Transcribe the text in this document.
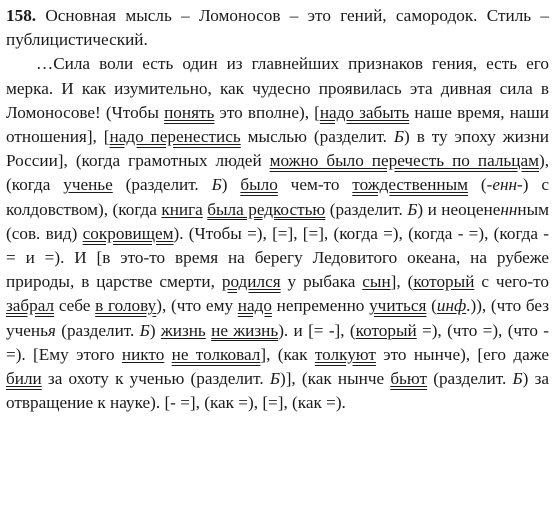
158. Основная мысль – Ломоносов – это гений, самородок. Стиль – публицистический.

…Сила воли есть один из главнейших признаков гения, есть его мерка. И как изумительно, как чудесно проявилась эта дивная сила в Ломоносове! (Чтобы понять это вполне), [надо забыть наше время, наши отношения], [надо перенестись мыслью (разделит. Б) в ту эпоху жизни России], (когда грамотных людей можно было перечесть по пальцам), (когда ученье (разделит. Б) было чем-то тождественным (-енн-) с колдовством), (когда книга была редкостью (разделит. Б) и неоцененнным (сов. вид) сокровищем). (Чтобы =), [=], [=], (когда =), (когда - =), (когда - = и =). И [в это-то время на берегу Ледовитого океана, на рубеже природы, в царстве смерти, родился у рыбака сын], (который с чего-то забрал себе в голову), (что ему надо непременно учиться (инф.)), (что без ученья (разделит. Б) жизнь не жизнь). и [= -], (который =), (что =), (что - =). [Ему этого никто не толковал], (как толкуют это нынче), [его даже били за охоту к ученью (разделит. Б)], (как нынче бьют (разделит. Б) за отвращение к науке). [- =], (как =), [=], (как =).
